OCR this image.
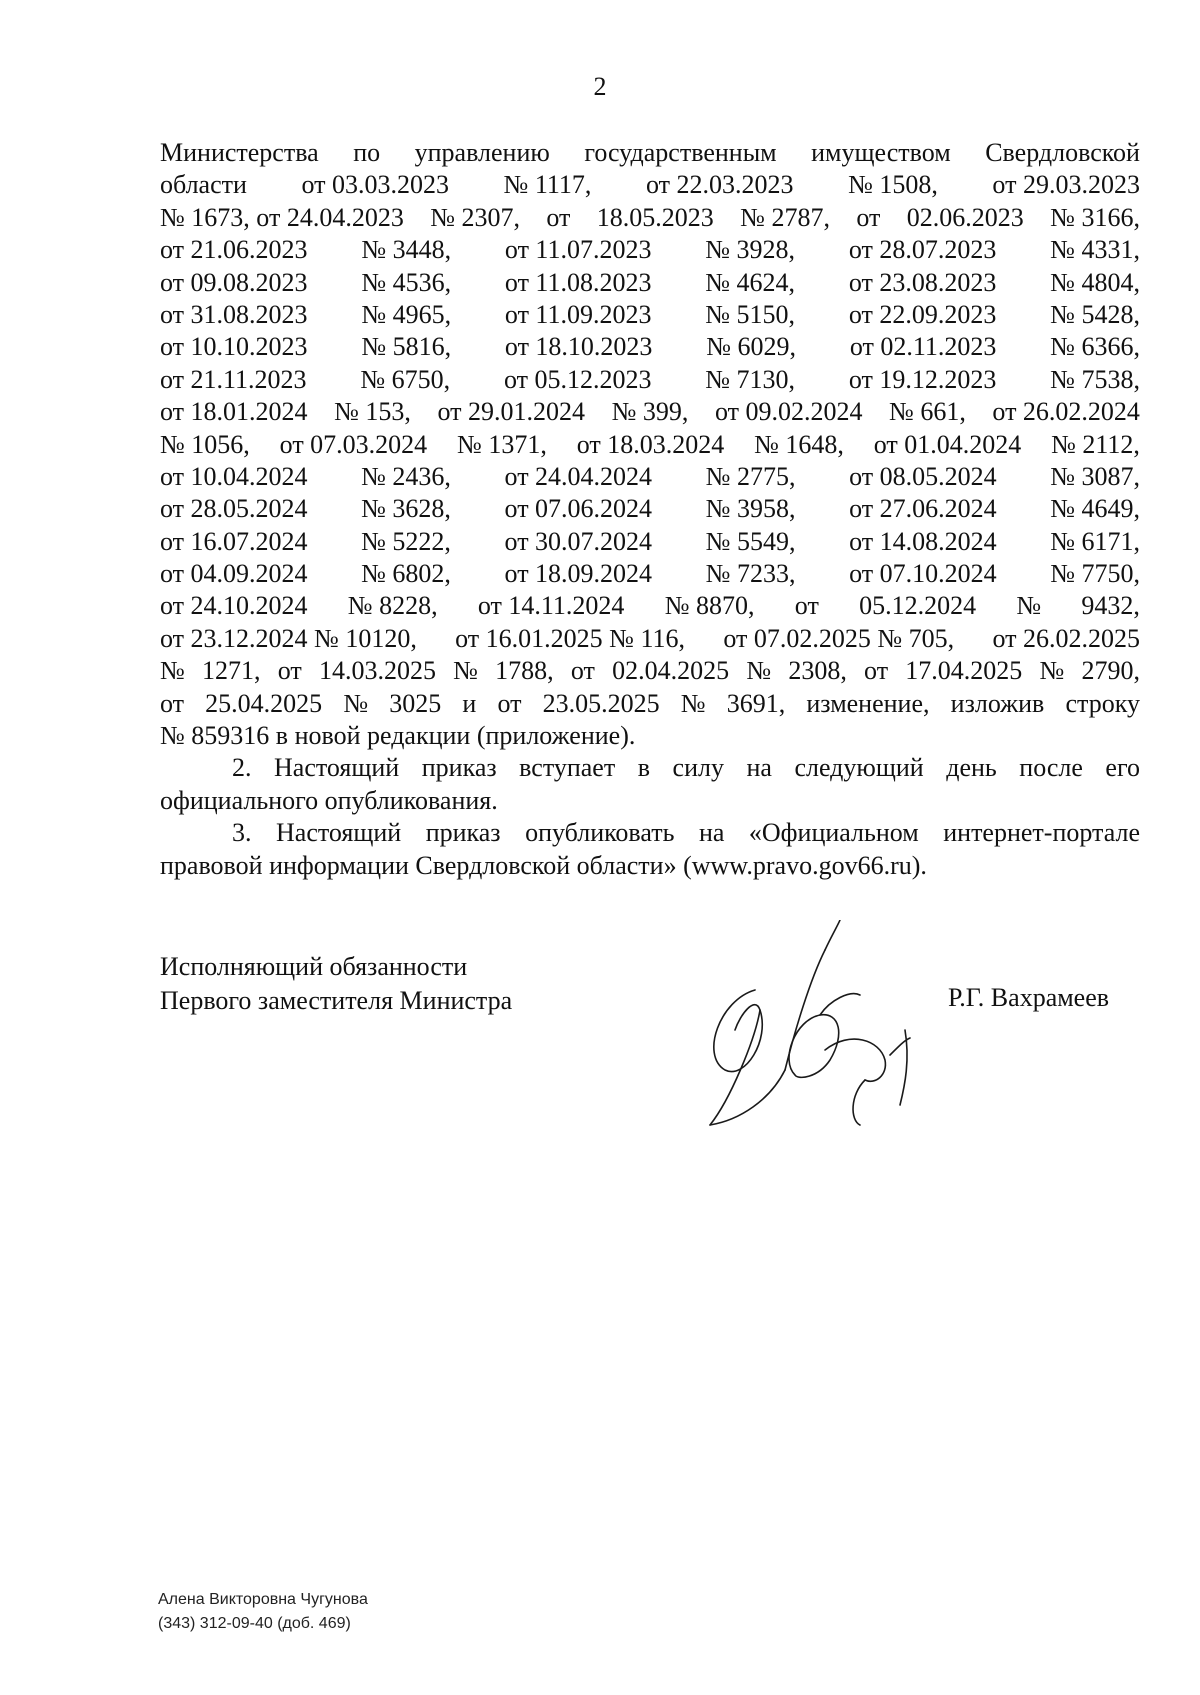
2
Министерства по управлению государственным имуществом Свердловской
области от 03.03.2023 № 1117, от 22.03.2023 № 1508, от 29.03.2023
№ 1673, от 24.04.2023 № 2307, от 18.05.2023 № 2787, от 02.06.2023 № 3166,
от 21.06.2023 № 3448, от 11.07.2023 № 3928, от 28.07.2023 № 4331,
от 09.08.2023 № 4536, от 11.08.2023 № 4624, от 23.08.2023 № 4804,
от 31.08.2023 № 4965, от 11.09.2023 № 5150, от 22.09.2023 № 5428,
от 10.10.2023 № 5816, от 18.10.2023 № 6029, от 02.11.2023 № 6366,
от 21.11.2023 № 6750, от 05.12.2023 № 7130, от 19.12.2023 № 7538,
от 18.01.2024 № 153, от 29.01.2024 № 399, от 09.02.2024 № 661, от 26.02.2024
№ 1056, от 07.03.2024 № 1371, от 18.03.2024 № 1648, от 01.04.2024 № 2112,
от 10.04.2024 № 2436, от 24.04.2024 № 2775, от 08.05.2024 № 3087,
от 28.05.2024 № 3628, от 07.06.2024 № 3958, от 27.06.2024 № 4649,
от 16.07.2024 № 5222, от 30.07.2024 № 5549, от 14.08.2024 № 6171,
от 04.09.2024 № 6802, от 18.09.2024 № 7233, от 07.10.2024 № 7750,
от 24.10.2024 № 8228, от 14.11.2024 № 8870, от 05.12.2024 № 9432,
от 23.12.2024 № 10120, от 16.01.2025 № 116, от 07.02.2025 № 705, от 26.02.2025
№ 1271, от 14.03.2025 № 1788, от 02.04.2025 № 2308, от 17.04.2025 № 2790,
от 25.04.2025 № 3025 и от 23.05.2025 № 3691, изменение, изложив строку
№ 859316 в новой редакции (приложение).

2. Настоящий приказ вступает в силу на следующий день после его официального опубликования.

3. Настоящий приказ опубликовать на «Официальном интернет-портале правовой информации Свердловской области» (www.pravo.gov66.ru).

Исполняющий обязанности
Первого заместителя Министра	Р.Г. Вахрамеев
Алена Викторовна Чугунова
(343) 312-09-40 (доб. 469)
